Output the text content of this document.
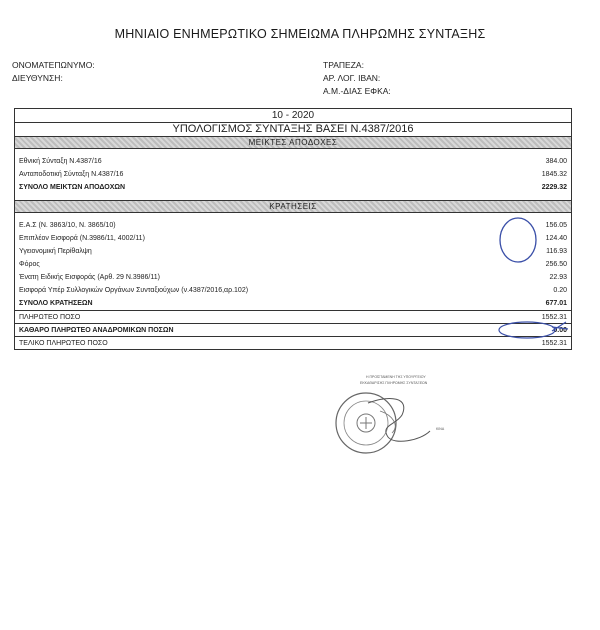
ΜΗΝΙΑΙΟ ΕΝΗΜΕΡΩΤΙΚΟ ΣΗΜΕΙΩΜΑ ΠΛΗΡΩΜΗΣ ΣΥΝΤΑΞΗΣ
ΟΝΟΜΑΤΕΠΩΝΥΜΟ:
ΔΙΕΥΘΥΝΣΗ:
ΤΡΑΠΕΖΑ:
ΑΡ. ΛΟΓ. IBAN:
Α.Μ.-ΔΙΑΣ ΕΦΚΑ:
10 - 2020
ΥΠΟΛΟΓΙΣΜΟΣ ΣΥΝΤΑΞΗΣ ΒΑΣΕΙ Ν.4387/2016
ΜΕΙΚΤΕΣ ΑΠΟΔΟΧΕΣ
Εθνική Σύνταξη Ν.4387/16	384.00
Ανταποδοτική Σύνταξη Ν.4387/16	1845.32
ΣΥΝΟΛΟ ΜΕΙΚΤΩΝ ΑΠΟΔΟΧΩΝ	2229.32
ΚΡΑΤΗΣΕΙΣ
Ε.Α.Σ (Ν. 3863/10, Ν. 3865/10)	156.05
Επιπλέον Εισφορά (Ν.3986/11, 4002/11)	124.40
Υγειονομική Περίθαλψη	116.93
Φόρος	256.50
Ένατη Ειδικής Εισφοράς (Αρθ. 29 Ν.3986/11)	22.93
Εισφορά Υπέρ Συλλογικών Οργάνων Συνταξιούχων (ν.4387/2016,αρ.102)	0.20
ΣΥΝΟΛΟ ΚΡΑΤΗΣΕΩΝ	677.01
ΠΛΗΡΩΤΕΟ ΠΟΣΟ	1552.31
ΚΑΘΑΡΟ ΠΛΗΡΩΤΕΟ ΑΝΑΔΡΟΜΙΚΩΝ ΠΟΣΩΝ	0.00
ΤΕΛΙΚΟ ΠΛΗΡΩΤΕΟ ΠΟΣΟ	1552.31
Η ΠΡΟΪΣΤΑΜΕΝΗ ΤΗΣ ΥΠΟΥΡΓΕΙΟΥ
ΕΚΚΑΘΑΡΙΣΗΣ ΠΛΗΡΩΜΗΣ ΣΥΝΤΑΞΕΩΝ
ΚΙΝΑ
